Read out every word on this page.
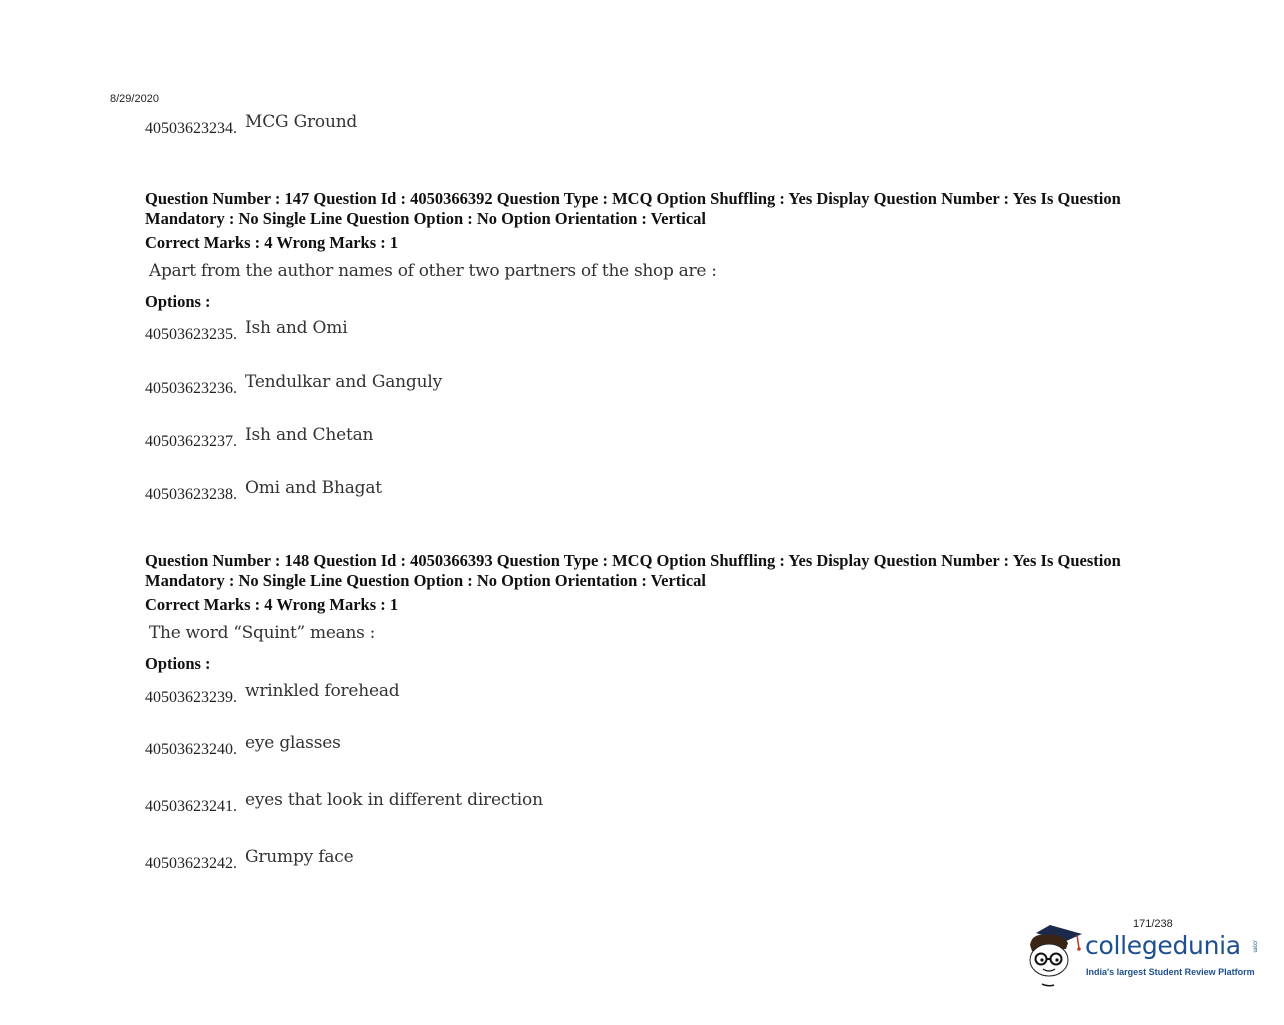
8/29/2020
40503623234. MCG Ground
Question Number : 147 Question Id : 4050366392 Question Type : MCQ Option Shuffling : Yes Display Question Number : Yes Is Question Mandatory : No Single Line Question Option : No Option Orientation : Vertical
Correct Marks : 4 Wrong Marks : 1
Apart from the author names of other two partners of the shop are :
Options :
40503623235. Ish and Omi
40503623236. Tendulkar and Ganguly
40503623237. Ish and Chetan
40503623238. Omi and Bhagat
Question Number : 148 Question Id : 4050366393 Question Type : MCQ Option Shuffling : Yes Display Question Number : Yes Is Question Mandatory : No Single Line Question Option : No Option Orientation : Vertical
Correct Marks : 4 Wrong Marks : 1
The word “Squint” means :
Options :
40503623239. wrinkled forehead
40503623240. eye glasses
40503623241. eyes that look in different direction
40503623242. Grumpy face
171/238
collegedunia .com
India's largest Student Review Platform
